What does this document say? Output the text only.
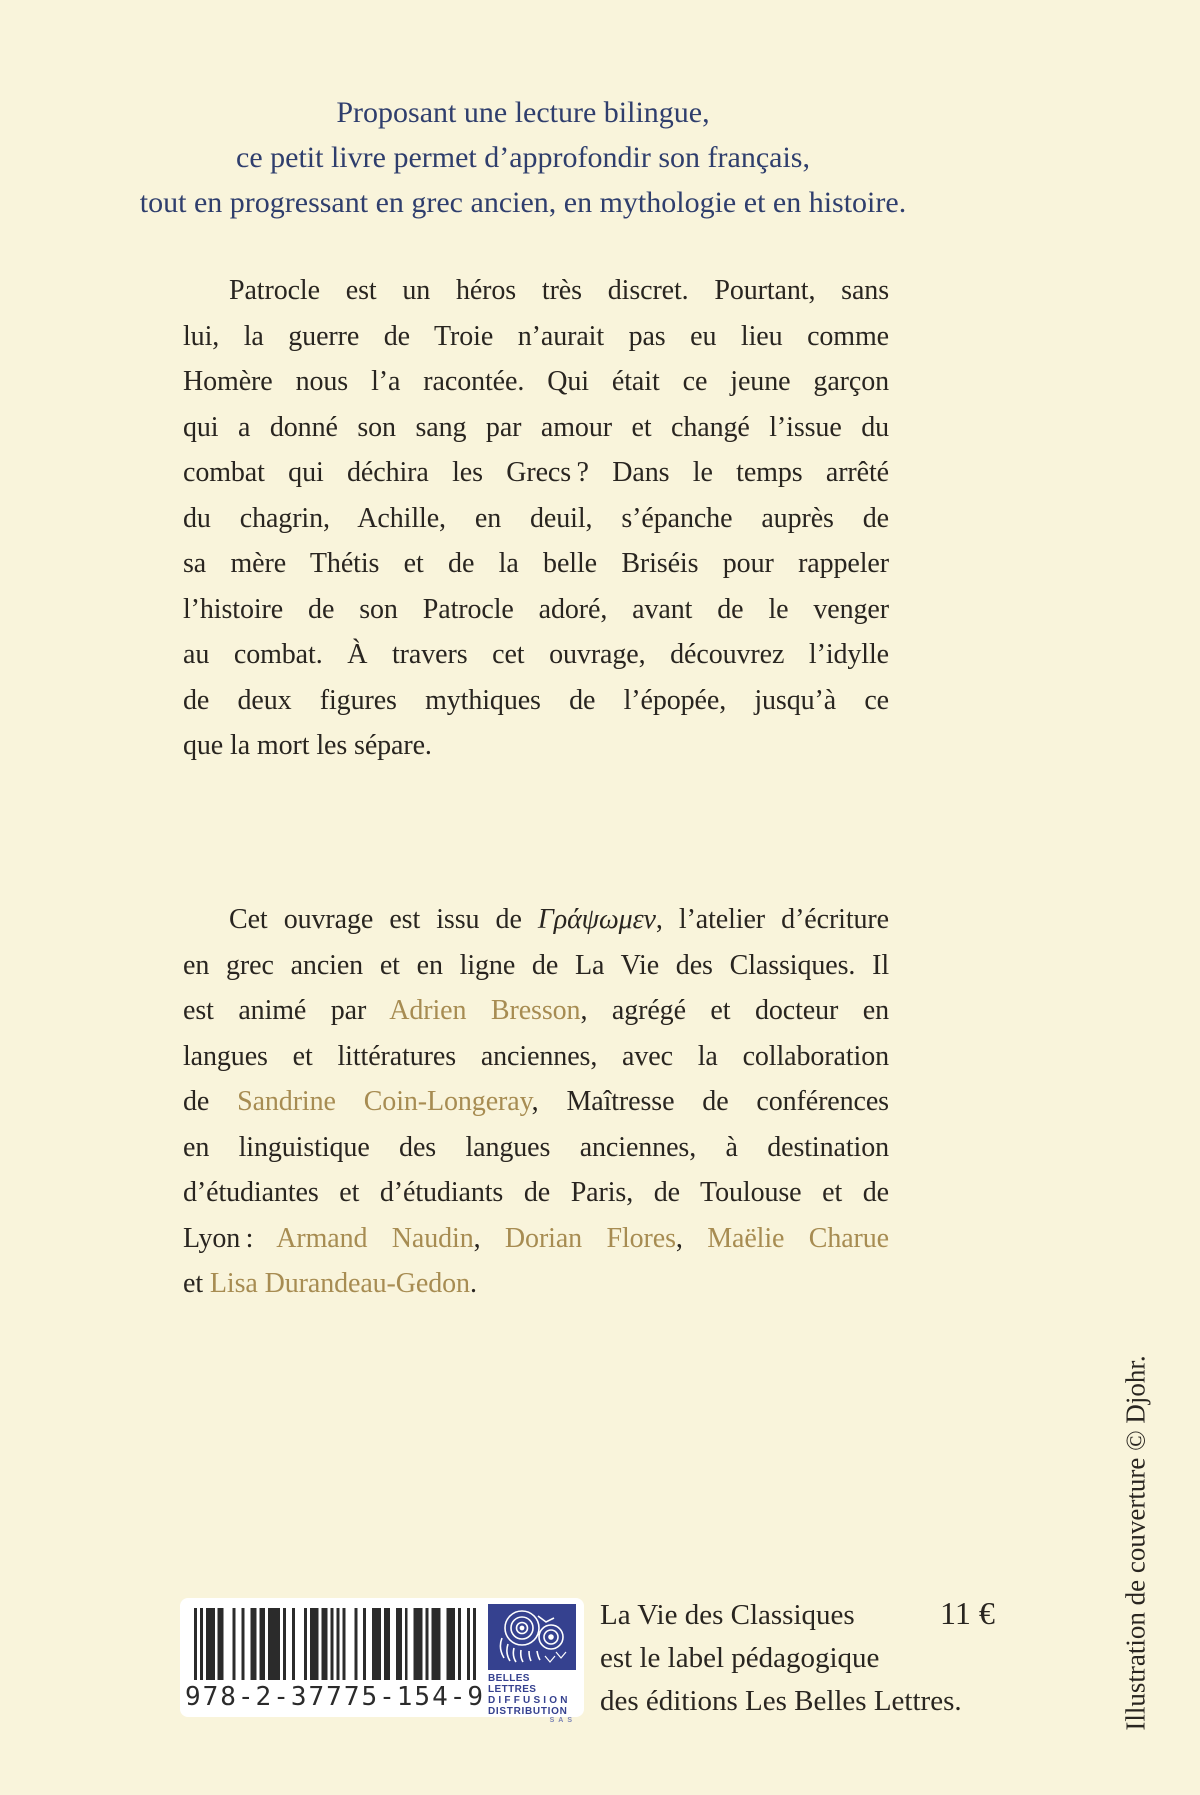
Proposant une lecture bilingue,
ce petit livre permet d’approfondir son français,
tout en progressant en grec ancien, en mythologie et en histoire.
Patrocle est un héros très discret. Pourtant, sans
lui, la guerre de Troie n’aurait pas eu lieu comme
Homère nous l’a racontée. Qui était ce jeune garçon
qui a donné son sang par amour et changé l’issue du
combat qui déchira les Grecs ? Dans le temps arrêté
du chagrin, Achille, en deuil, s’épanche auprès de
sa mère Thétis et de la belle Briséis pour rappeler
l’histoire de son Patrocle adoré, avant de le venger
au combat. À travers cet ouvrage, découvrez l’idylle
de deux figures mythiques de l’épopée, jusqu’à ce
que la mort les sépare.
Cet ouvrage est issu de Γράψωμεν, l’atelier d’écriture
en grec ancien et en ligne de La Vie des Classiques. Il
est animé par Adrien Bresson, agrégé et docteur en
langues et littératures anciennes, avec la collaboration
de Sandrine Coin-Longeray, Maîtresse de conférences
en linguistique des langues anciennes, à destination
d’étudiantes et d’étudiants de Paris, de Toulouse et de
Lyon : Armand Naudin, Dorian Flores, Maëlie Charue
et Lisa Durandeau-Gedon.
978-2-37775-154-9
BELLES LETTRES
DIFFUSION
DISTRIBUTION
SAS
La Vie des Classiques
est le label pédagogique
des éditions Les Belles Lettres.
11 €	Illustration de couverture © Djohr.
